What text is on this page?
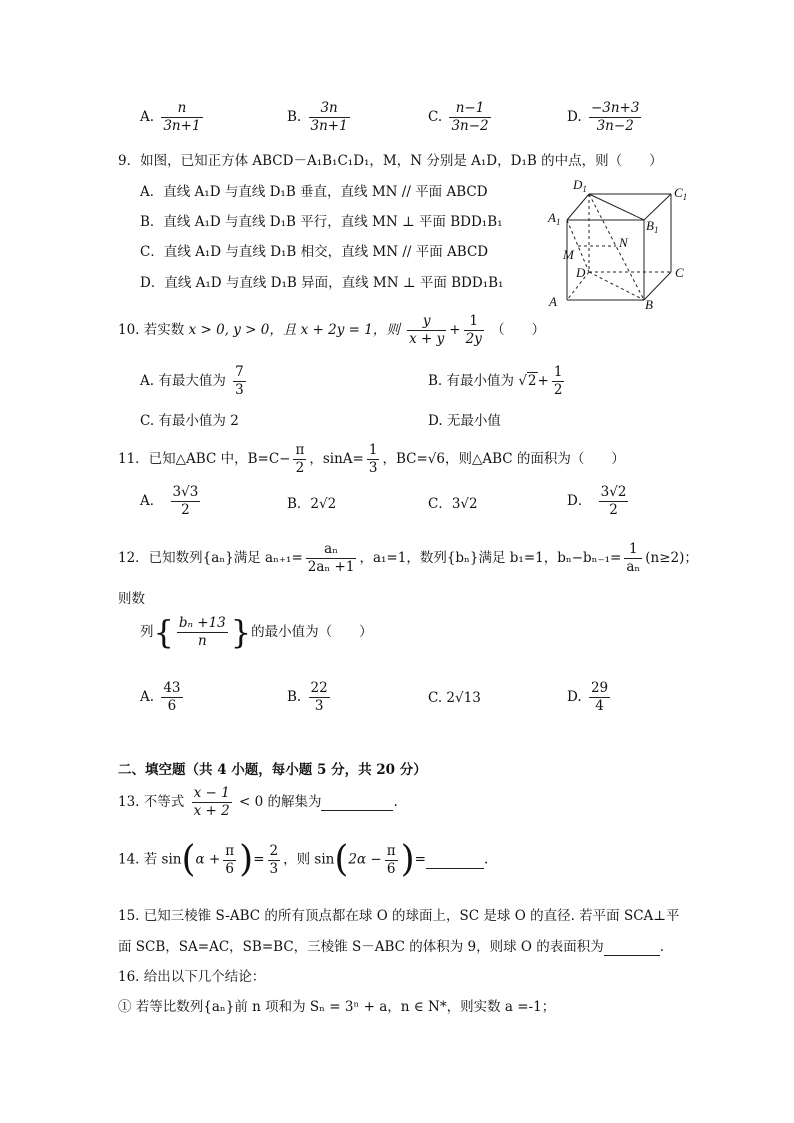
A. $\frac{n}{3n+1}$	B. $\frac{3n}{3n+1}$	C. $\frac{n-1}{3n-2}$	D. $\frac{-3n+3}{3n-2}$
9．如图，已知正方体 ABCD－A₁B₁C₁D₁，M，N 分别是 A₁D，D₁B 的中点，则（　　）
A．直线 A₁D 与直线 D₁B 垂直，直线 MN // 平面 ABCD
B．直线 A₁D 与直线 D₁B 平行，直线 MN ⊥ 平面 BDD₁B₁
C．直线 A₁D 与直线 D₁B 相交，直线 MN // 平面 ABCD
D．直线 A₁D 与直线 D₁B 异面，直线 MN ⊥ 平面 BDD₁B₁
$D_1$	$C_1$
$A_1$	$B_1$
N
M
D	C
A	B
10. 若实数 x > 0, y > 0，且 x + 2y = 1，则 $\frac{y}{x + y} + \frac{1}{2y}$ （　　）
A. 有最大值为 $\frac{7}{3}$	B. 有最小值为 $√2+ \frac{1}{2}$
C. 有最小值为 2	D. 无最小值
11．已知△ABC 中，$B=C- \frac{\pi}{2}$ ，$\sin A= \frac{1}{3}$ ，BC=√6，则△ABC 的面积为（　　）
A． $\frac{3√3}{2}$	B．2√2	C．3√2	D． $\frac{3√2}{2}$
12．已知数列{aₙ}满足 $a_{n+1}= \frac{\text{aₙ}}{\text{2aₙ +1}}$ ，a₁=1，数列{bₙ}满足 b₁=1，$b_n-b_{n-1}= \frac{1}{\text{aₙ}} (n\ge 2)$；
则数
列{ $\frac{\text{bₙ +13}}{n}$ }的最小值为（　　）
A. $\frac{43}{6}$	B. $\frac{22}{3}$	C. 2√13	D. $\frac{29}{4}$
二、填空题（共 4 小题，每小题 5 分，共 20 分）
13. 不等式 $\frac{x - 1}{x + 2} < 0$ 的解集为	.
14. 若 $\sin(\alpha + \frac{\pi}{6}$ )= $\frac{2}{3}$ ，则 $\sin(2\alpha - \frac{\pi}{6}$ )=	.
15. 已知三棱锥 S-ABC 的所有顶点都在球 O 的球面上，SC 是球 O 的直径. 若平面 SCA⊥平
面 SCB，SA=AC，SB=BC，三棱锥 S－ABC 的体积为 9，则球 O 的表面积为	.
16. 给出以下几个结论：
① 若等比数列{aₙ}前 n 项和为 Sₙ = 3ⁿ + a，n ∈ N*，则实数 a =-1；
